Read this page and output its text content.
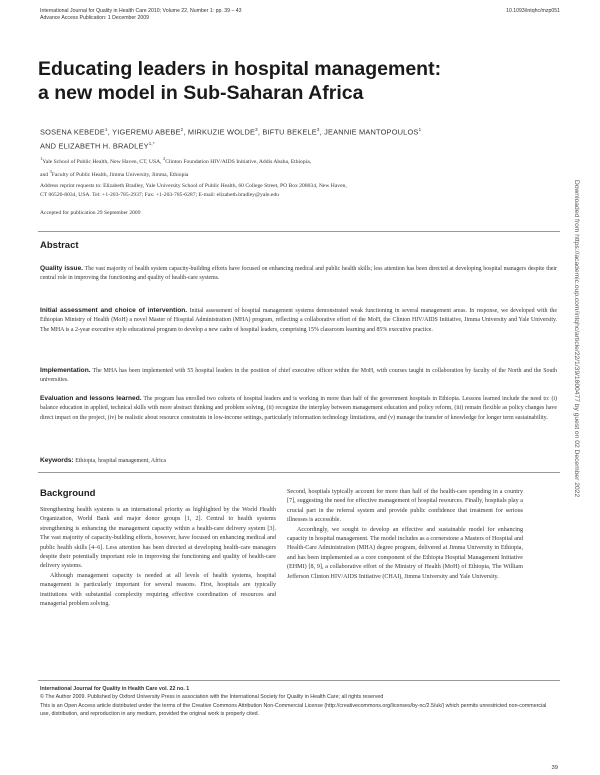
International Journal for Quality in Health Care 2010; Volume 22, Number 1: pp. 39 – 43
Advance Access Publication: 1 December 2009
10.1093/intqhc/mzp051
Educating leaders in hospital management:
a new model in Sub-Saharan Africa
SOSENA KEBEDE$^1$, YIGEREMU ABEBE$^2$, MIRKUZIE WOLDE$^3$, BIFTU BEKELE$^3$, JEANNIE MANTOPOULOS$^1$
AND ELIZABETH H. $BRADLEY^{1,*}$
$^1$Yale School of Public Health, New Haven, CT, USA, $^2$Clinton Foundation HIV/AIDS Initiative, Addis Ababa, Ethiopia,
and $^3$Faculty of Public Health, Jimma University, Jimma, Ethiopia
Address reprint requests to: Elizabeth Bradley, Yale University School of Public Health, 60 College Street, PO Box 208034, New Haven,
CT 06520-8034, USA. Tel: +1-203-785-2937; Fax: +1-203-785-6287; E-mail: elizabeth.bradley@yale.edu
Accepted for publication 29 September 2009
Abstract
Quality issue. The vast majority of health system capacity-building efforts have focused on enhancing medical and public health skills; less attention has been directed at developing hospital managers despite their central role in improving the functioning and quality of health-care systems.
Initial assessment and choice of intervention. Initial assessment of hospital management systems demonstrated weak functioning in several management areas. In response, we developed with the Ethiopian Ministry of Health (MoH) a novel Master of Hospital Administration (MHA) program, reflecting a collaborative effort of the MoH, the Clinton HIV/AIDS Initiative, Jimma University and Yale University. The MHA is a 2-year executive style educational program to develop a new cadre of hospital leaders, comprising 15% classroom learning and 85% executive practice.
Implementation. The MHA has been implemented with 55 hospital leaders in the position of chief executive officer within the MoH, with courses taught in collaboration by faculty of the North and the South universities.
Evaluation and lessons learned. The program has enrolled two cohorts of hospital leaders and is working in more than half of the government hospitals in Ethiopia. Lessons learned include the need to: (i) balance education in applied, technical skills with more abstract thinking and problem solving, (ii) recognize the interplay between management education and policy reform, (iii) remain flexible as policy changes have direct impact on the project, (iv) be realistic about resource constraints in low-income settings, particularly information technology limitations, and (v) manage the transfer of knowledge for longer term sustainability.
Keywords: Ethiopia, hospital management, Africa
Background

Strengthening health systems is an international priority as highlighted by the World Health Organization, World Bank and major donor groups [1, 2]. Central to health systems strengthening is enhancing the management capacity within a health-care delivery system [3]. The vast majority of capacity-building efforts, however, have focused on enhancing medical and public health skills [4–6]. Less attention has been directed at developing health-care managers despite their potentially important role in improving the functioning and quality of health-care delivery systems.

Although management capacity is needed at all levels of health systems, hospital management is particularly important for several reasons. First, hospitals are typically institutions with substantial complexity requiring effective coordination of resources and managerial problem solving.

Second, hospitals typically account for more than half of the health-care spending in a country [7], suggesting the need for effective management of hospital resources. Finally, hospitals play a crucial part in the referral system and provide public confidence that treatment for serious illnesses is accessible.

Accordingly, we sought to develop an effective and sustainable model for enhancing capacity in hospital management. The model includes as a cornerstone a Masters of Hospital and Health-Care Administration (MHA) degree program, delivered at Jimma University in Ethiopia, and has been implemented as a core component of the Ethiopia Hospital Management Initiative (EHMI) [8, 9], a collaborative effort of the Ministry of Health (MoH) of Ethiopia, The William Jefferson Clinton HIV/AIDS Initiative (CHAI), Jimma University and Yale University.

International Journal for Quality in Health Care vol. 22 no. 1
© The Author 2009. Published by Oxford University Press in association with the International Society for Quality in Health Care; all rights reserved
This is an Open Access article distributed under the terms of the Creative Commons Attribution Non-Commercial License (http://creativecommons.org/licenses/by-nc/2.5/uk/) which permits unrestricted non-commercial use, distribution, and reproduction in any medium, provided the original work is properly cited.
39
Downloaded from https://academic.oup.com/intqhc/article/22/1/39/1800477 by guest on 02 December 2022
